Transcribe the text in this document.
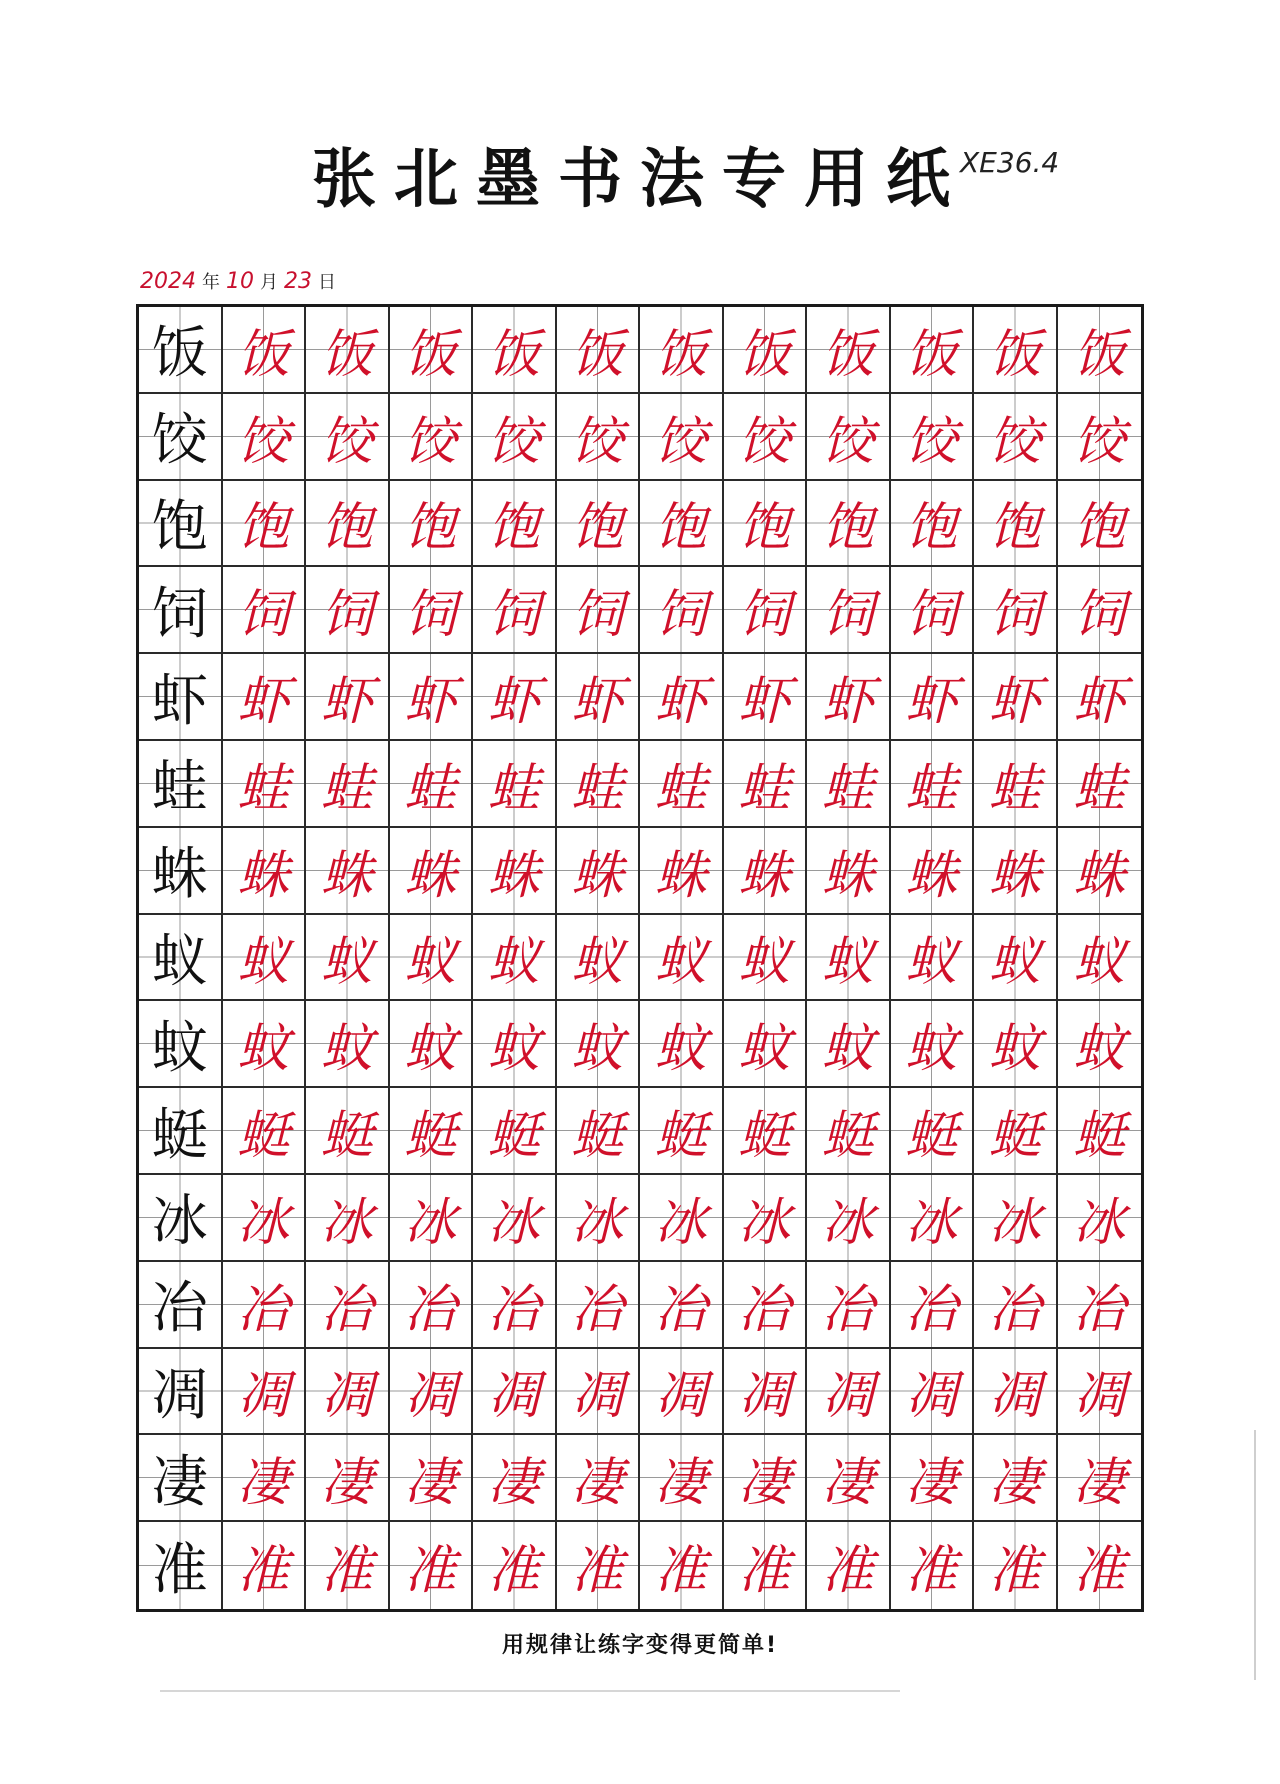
张北墨书法专用纸
XE36.4
2024 年 10 月 23 日
饭 饭 饭 饭 饭 饭 饭 饭 饭 饭 饭 饭
饺 饺 饺 饺 饺 饺 饺 饺 饺 饺 饺 饺
饱 饱 饱 饱 饱 饱 饱 饱 饱 饱 饱 饱
饲 饲 饲 饲 饲 饲 饲 饲 饲 饲 饲 饲
虾 虾 虾 虾 虾 虾 虾 虾 虾 虾 虾 虾
蛙 蛙 蛙 蛙 蛙 蛙 蛙 蛙 蛙 蛙 蛙 蛙
蛛 蛛 蛛 蛛 蛛 蛛 蛛 蛛 蛛 蛛 蛛 蛛
蚁 蚁 蚁 蚁 蚁 蚁 蚁 蚁 蚁 蚁 蚁 蚁
蚊 蚊 蚊 蚊 蚊 蚊 蚊 蚊 蚊 蚊 蚊 蚊
蜓 蜓 蜓 蜓 蜓 蜓 蜓 蜓 蜓 蜓 蜓 蜓
冰 冰 冰 冰 冰 冰 冰 冰 冰 冰 冰 冰
冶 冶 冶 冶 冶 冶 冶 冶 冶 冶 冶 冶
凋 凋 凋 凋 凋 凋 凋 凋 凋 凋 凋 凋
凄 凄 凄 凄 凄 凄 凄 凄 凄 凄 凄 凄
准 准 准 准 准 准 准 准 准 准 准 准
用规律让练字变得更简单!
